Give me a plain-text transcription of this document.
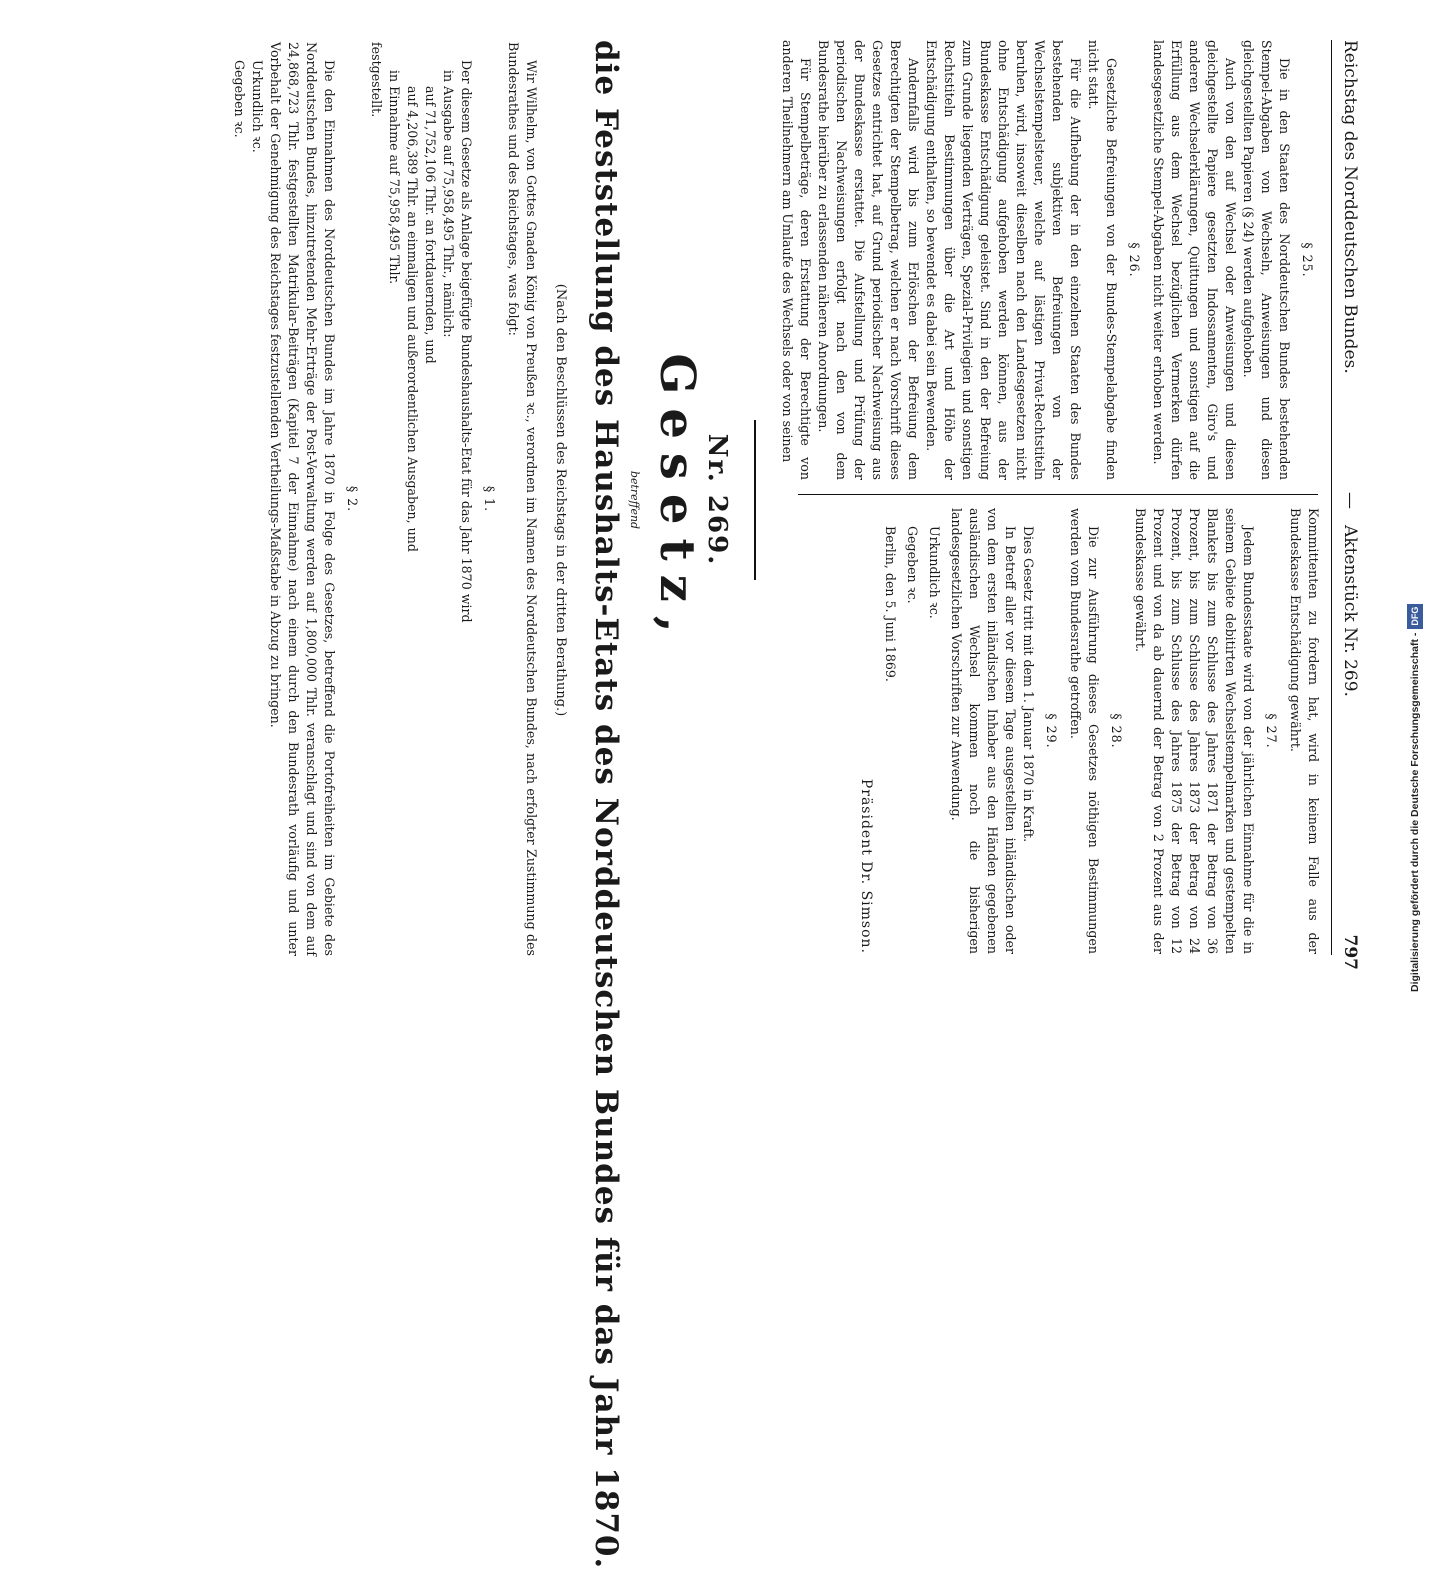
Reichstag des Norddeutschen Bundes.
—
Aktenstück Nr. 269.
797
§ 25.

Die in den Staaten des Norddeutschen Bundes bestehenden Stempel-Abgaben von Wechseln, Anweisungen und diesen gleichgestellten Papieren (§ 24) werden aufgehoben.

Auch von den auf Wechsel oder Anweisungen und diesen gleichgestellte Papiere gesetzten Indossamenten, Giro's und anderen Wechselerklärungen, Quittungen und sonstigen auf die Erfüllung aus dem Wechsel bezüglichen Vermerken dürfen landesgesetzliche Stempel-Abgaben nicht weiter erhoben werden.

§ 26.

Gesetzliche Befreiungen von der Bundes-Stempelabgabe finden nicht statt.

Für die Aufhebung der in den einzelnen Staaten des Bundes bestehenden subjektiven Befreiungen von der Wechselstempelsteuer, welche auf lästigen Privat-Rechtstiteln beruhen, wird, insoweit dieselben nach den Landesgesetzen nicht ohne Entschädigung aufgehoben werden können, aus der Bundeskasse Entschädigung geleistet. Sind in den der Befreiung zum Grunde liegenden Verträgen, Spezial-Privilegien und sonstigen Rechtstiteln Bestimmungen über die Art und Höhe der Entschädigung enthalten, so bewendet es dabei sein Bewenden.

Andernfalls wird bis zum Erlöschen der Befreiung dem Berechtigten der Stempelbetrag, welchen er nach Vorschrift dieses Gesetzes entrichtet hat, auf Grund periodischer Nachweisung aus der Bundeskasse erstattet. Die Aufstellung und Prüfung der periodischen Nachweisungen erfolgt nach den von dem Bundesrathe hierüber zu erlassenden näheren Anordnungen.

Für Stempelbeträge, deren Erstattung der Berechtigte von anderen Theilnehmern am Umlaufe des Wechsels oder von seinen

Kommittenten zu fordern hat, wird in keinem Falle aus der Bundeskasse Entschädigung gewährt.

§ 27.

Jedem Bundesstaate wird von der jährlichen Einnahme für die in seinem Gebiete debitirten Wechselstempelmarken und gestempelten Blankets bis zum Schlusse des Jahres 1871 der Betrag von 36 Prozent, bis zum Schlusse des Jahres 1873 der Betrag von 24 Prozent, bis zum Schlusse des Jahres 1875 der Betrag von 12 Prozent und von da ab dauernd der Betrag von 2 Prozent aus der Bundeskasse gewährt.

§ 28.

Die zur Ausführung dieses Gesetzes nöthigen Bestimmungen werden vom Bundesrathe getroffen.

§ 29.

Dies Gesetz tritt mit dem 1. Januar 1870 in Kraft.

In Betreff aller vor diesem Tage ausgestellten inländischen oder von dem ersten inländischen Inhaber aus den Händen gegebenen ausländischen Wechsel kommen noch die bisherigen landesgesetzlichen Vorschriften zur Anwendung.

Urkundlich ꝛc.

Gegeben ꝛc.

Berlin, den 5. Juni 1869.

Präsident Dr. Simson.
Nr. 269.
Gesetz,
betreffend
die Feststellung des Haushalts-Etats des Norddeutschen Bundes für das Jahr 1870.
(Nach den Beschlüssen des Reichstags in der dritten Berathung.)

Wir Wilhelm, von Gottes Gnaden König von Preußen ꝛc., verordnen im Namen des Norddeutschen Bundes, nach erfolgter Zustimmung des Bundesrathes und des Reichstages, was folgt:

§ 1.

Der diesem Gesetze als Anlage beigefügte Bundeshaushalts-Etat für das Jahr 1870 wird

in Ausgabe auf 75,958,495 Thlr., nämlich:

auf 71,752,106 Thlr. an fortdauernden, und

auf 4,206,389 Thlr. an einmaligen und außerordentlichen Ausgaben, und

in Einnahme auf 75,958,495 Thlr.

festgestellt.

§ 2.

Die den Einnahmen des Norddeutschen Bundes im Jahre 1870 in Folge des Gesetzes, betreffend die Portofreiheiten im Gebiete des Norddeutschen Bundes, hinzutretenden Mehr-Erträge der Post-Verwaltung werden auf 1,800,000 Thlr. veranschlagt und sind von dem auf 24,868,723 Thlr. festgestellten Matrikular-Beiträgen (Kapitel 7 der Einnahme) nach einem durch den Bundesrath vorläufig und unter Vorbehalt der Genehmigung des Reichstages festzustellenden Vertheilungs-Maßstabe in Abzug zu bringen.

Urkundlich ꝛc.

Gegeben ꝛc.

Digitalisierung gefördert durch die Deutsche Forschungsgemeinschaft -DFG
